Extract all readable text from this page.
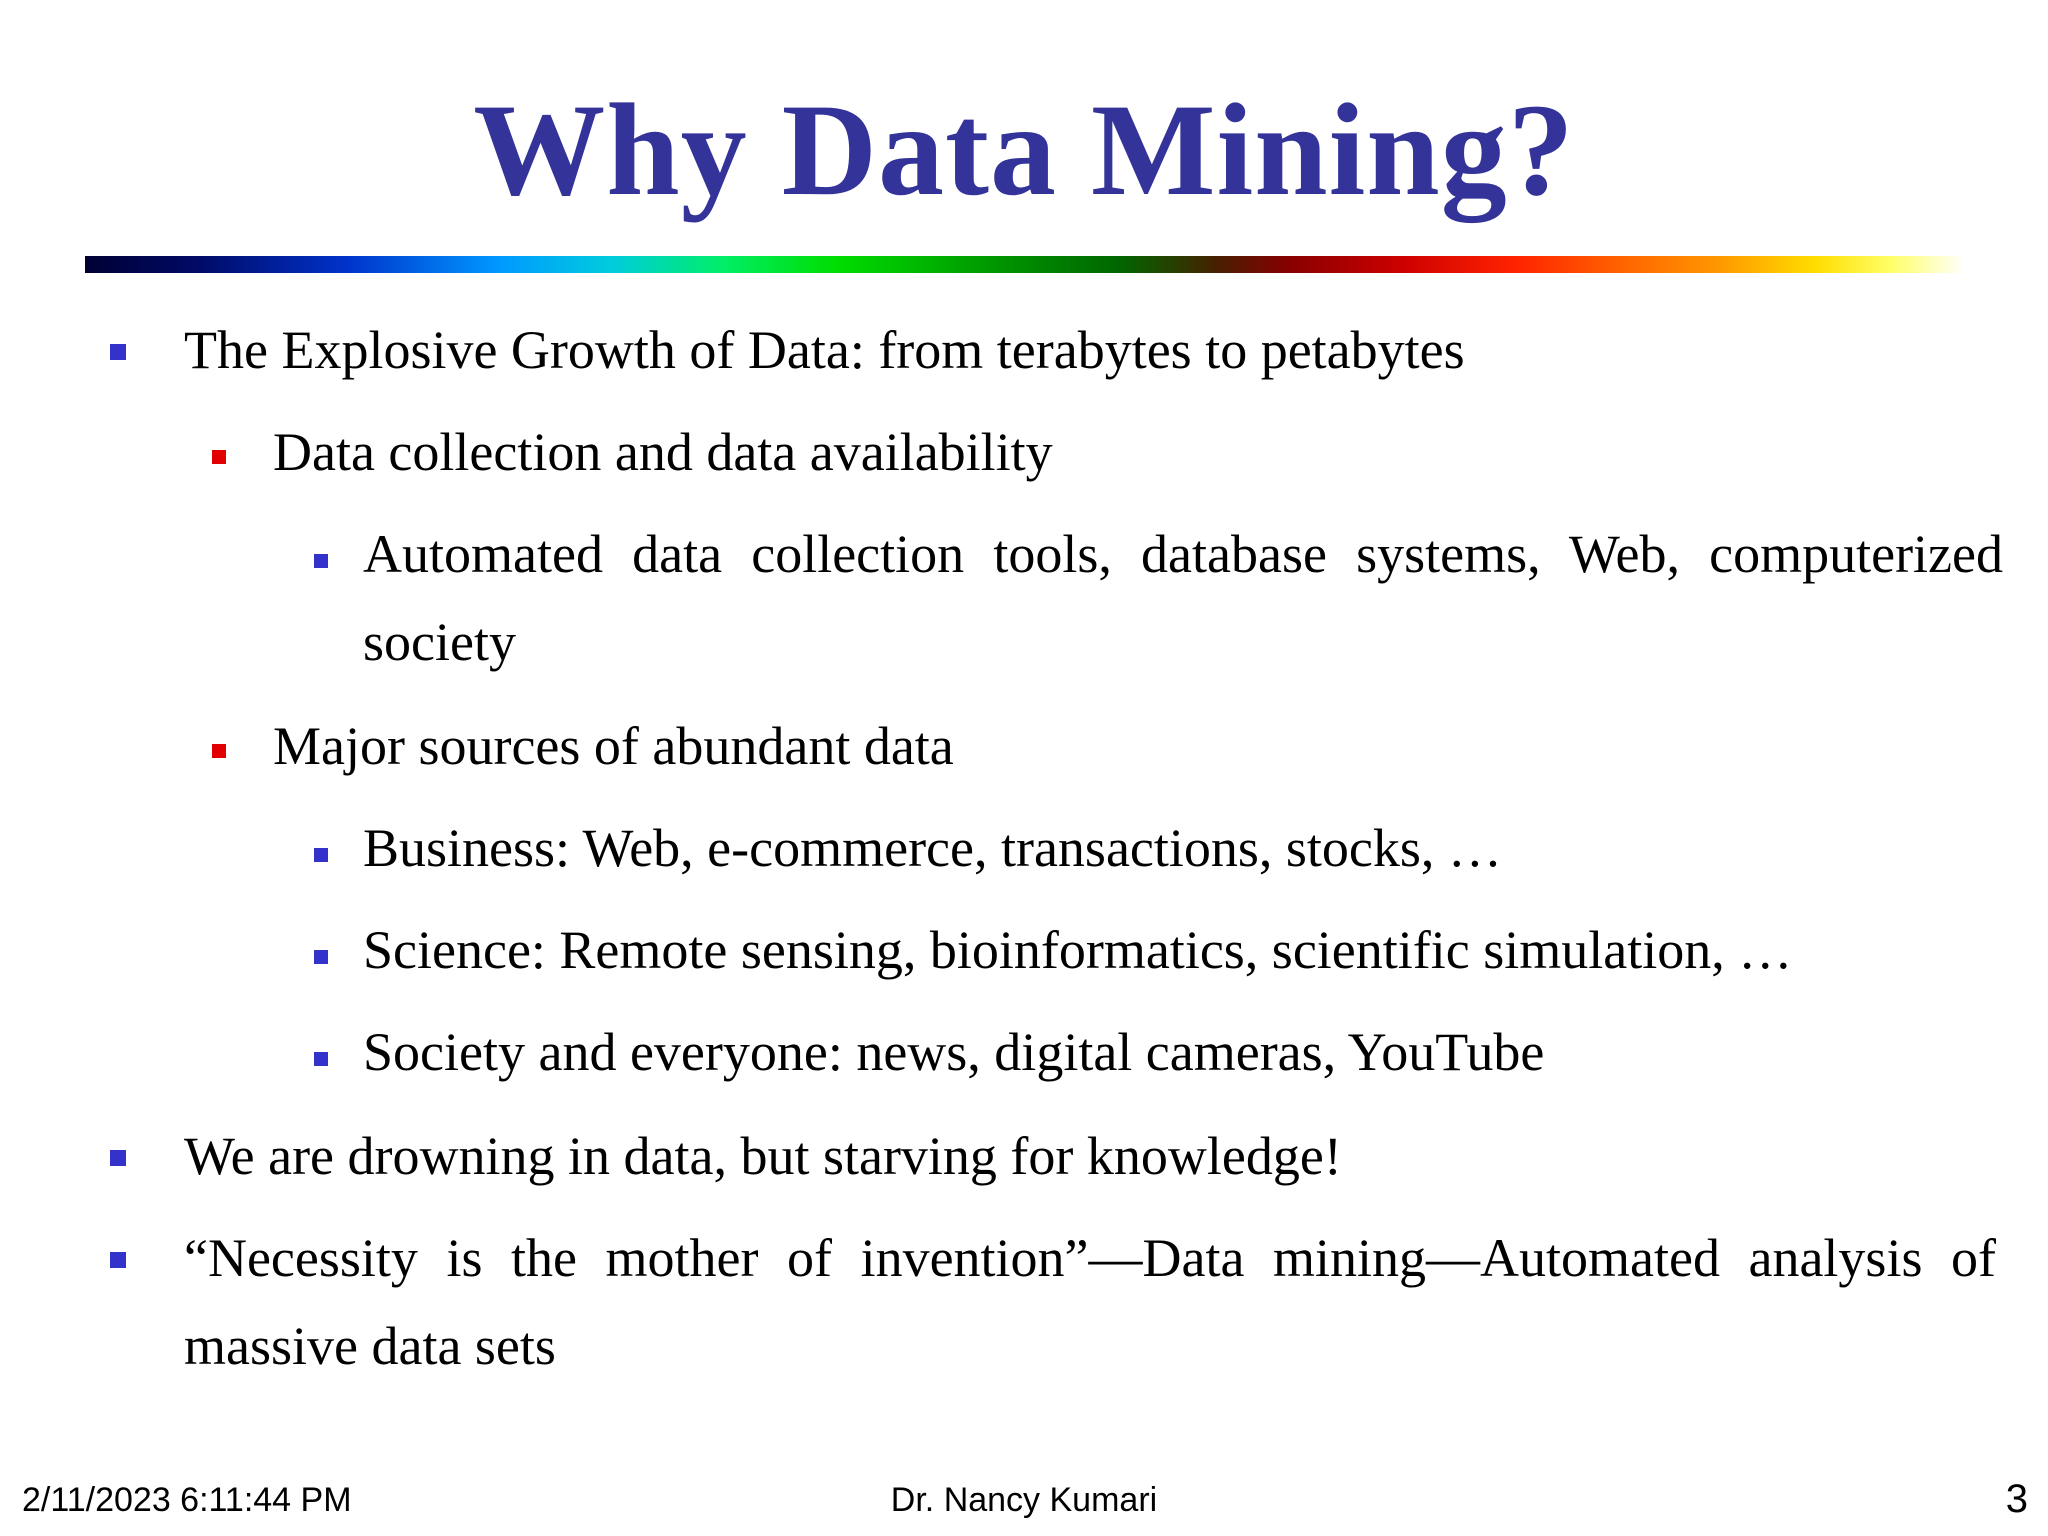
Why Data Mining?
The Explosive Growth of Data: from terabytes to petabytes
Data collection and data availability
Automated data collection tools, database systems, Web, computerized society
Major sources of abundant data
Business: Web, e-commerce, transactions, stocks, …
Science: Remote sensing, bioinformatics, scientific simulation, …
Society and everyone: news, digital cameras, YouTube
We are drowning in data, but starving for knowledge!
“Necessity is the mother of invention”—Data mining—Automated analysis of massive data sets
2/11/2023 6:11:44 PM	Dr. Nancy Kumari	3
